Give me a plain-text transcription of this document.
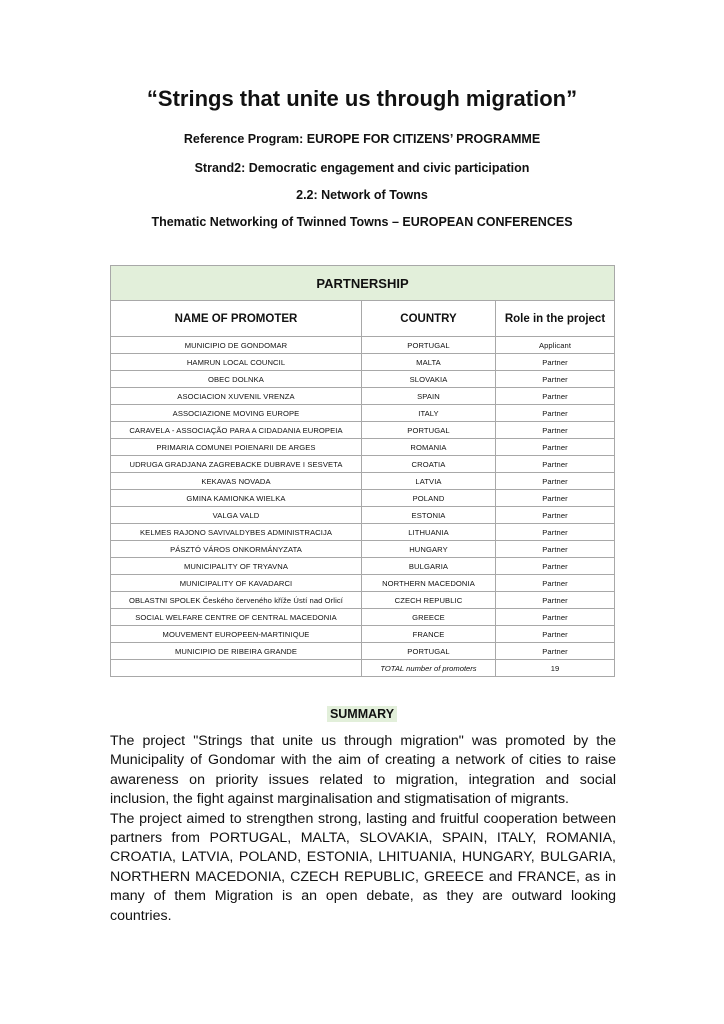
“Strings that unite us through migration”
Reference Program: EUROPE FOR CITIZENS’ PROGRAMME
Strand2: Democratic engagement and civic participation
2.2: Network of Towns
Thematic Networking of Twinned Towns – EUROPEAN CONFERENCES
PARTNERSHIP		
NAME OF PROMOTER	COUNTRY	Role in the project
MUNICIPIO DE GONDOMAR	PORTUGAL	Applicant
HAMRUN LOCAL COUNCIL	MALTA	Partner
OBEC DOLNKA	SLOVAKIA	Partner
ASOCIACION XUVENIL VRENZA	SPAIN	Partner
ASSOCIAZIONE MOVING EUROPE	ITALY	Partner
CARAVELA - ASSOCIAÇÃO PARA A CIDADANIA EUROPEIA	PORTUGAL	Partner
PRIMARIA COMUNEI POIENARII DE ARGES	ROMANIA	Partner
UDRUGA GRADJANA ZAGREBACKE DUBRAVE I SESVETA	CROATIA	Partner
KEKAVAS NOVADA	LATVIA	Partner
GMINA KAMIONKA WIELKA	POLAND	Partner
VALGA VALD	ESTONIA	Partner
KELMES RAJONO SAVIVALDYBES ADMINISTRACIJA	LITHUANIA	Partner
PÁSZTÓ VÁROS ONKORMÁNYZATA	HUNGARY	Partner
MUNICIPALITY OF TRYAVNA	BULGARIA	Partner
MUNICIPALITY OF KAVADARCI	NORTHERN MACEDONIA	Partner
OBLASTNI SPOLEK Českého červeného kříže Ústí nad Orlicí	CZECH REPUBLIC	Partner
SOCIAL WELFARE CENTRE OF CENTRAL MACEDONIA	GREECE	Partner
MOUVEMENT EUROPEEN-MARTINIQUE	FRANCE	Partner
MUNICIPIO DE RIBEIRA GRANDE	PORTUGAL	Partner
	TOTAL number of promoters	19
SUMMARY

The project "Strings that unite us through migration" was promoted by the Municipality of Gondomar with the aim of creating a network of cities to raise awareness on priority issues related to migration, integration and social inclusion, the fight against marginalisation and stigmatisation of migrants.

The project aimed to strengthen strong, lasting and fruitful cooperation between partners from PORTUGAL, MALTA, SLOVAKIA, SPAIN, ITALY, ROMANIA, CROATIA, LATVIA, POLAND, ESTONIA, LHITUANIA, HUNGARY, BULGARIA, NORTHERN MACEDONIA, CZECH REPUBLIC, GREECE and FRANCE, as in many of them Migration is an open debate, as they are outward looking countries.
